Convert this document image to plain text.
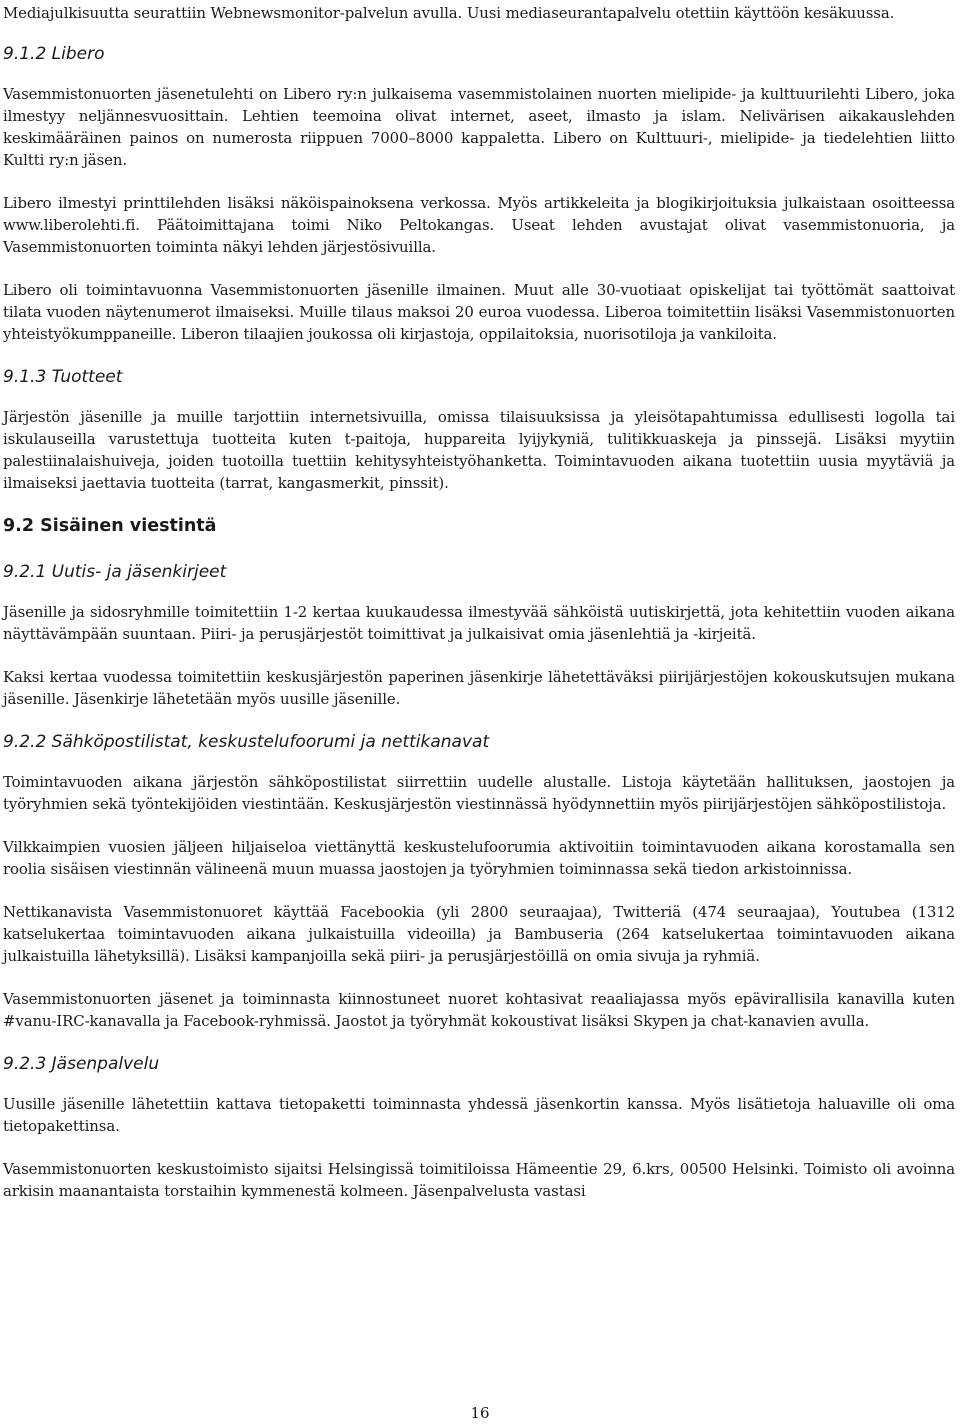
Mediajulkisuutta seurattiin Webnewsmonitor-palvelun avulla. Uusi mediaseurantapalvelu otettiin käyttöön kesäkuussa.

9.1.2 Libero

Vasemmistonuorten jäsenetulehti on Libero ry:n julkaisema vasemmistolainen nuorten mielipide- ja kulttuurilehti Libero, joka ilmestyy neljännesvuosittain. Lehtien teemoina olivat internet, aseet, ilmasto ja islam. Nelivärisen aikakauslehden keskimääräinen painos on numerosta riippuen 7000–8000 kappaletta. Libero on Kulttuuri-, mielipide- ja tiedelehtien liitto Kultti ry:n jäsen.

Libero ilmestyi printtilehden lisäksi näköispainoksena verkossa. Myös artikkeleita ja blogikirjoituksia julkaistaan osoitteessa www.liberolehti.fi. Päätoimittajana toimi Niko Peltokangas. Useat lehden avustajat olivat vasemmistonuoria, ja Vasemmistonuorten toiminta näkyi lehden järjestösivuilla.

Libero oli toimintavuonna Vasemmistonuorten jäsenille ilmainen. Muut alle 30-vuotiaat opiskelijat tai työttömät saattoivat tilata vuoden näytenumerot ilmaiseksi. Muille tilaus maksoi 20 euroa vuodessa. Liberoa toimitettiin lisäksi Vasemmistonuorten yhteistyökumppaneille. Liberon tilaajien joukossa oli kirjastoja, oppilaitoksia, nuorisotiloja ja vankiloita.

9.1.3 Tuotteet

Järjestön jäsenille ja muille tarjottiin internetsivuilla, omissa tilaisuuksissa ja yleisötapahtumissa edullisesti logolla tai iskulauseilla varustettuja tuotteita kuten t-paitoja, huppareita lyijykyniä, tulitikkuaskeja ja pinssejä. Lisäksi myytiin palestiinalaishuiveja, joiden tuotoilla tuettiin kehitysyhteistyöhanketta. Toimintavuoden aikana tuotettiin uusia myytäviä ja ilmaiseksi jaettavia tuotteita (tarrat, kangasmerkit, pinssit).

9.2 Sisäinen viestintä
9.2.1 Uutis- ja jäsenkirjeet

Jäsenille ja sidosryhmille toimitettiin 1-2 kertaa kuukaudessa ilmestyvää sähköistä uutiskirjettä, jota kehitettiin vuoden aikana näyttävämpään suuntaan. Piiri- ja perusjärjestöt toimittivat ja julkaisivat omia jäsenlehtiä ja -kirjeitä.

Kaksi kertaa vuodessa toimitettiin keskusjärjestön paperinen jäsenkirje lähetettäväksi piirijärjestöjen kokouskutsujen mukana jäsenille. Jäsenkirje lähetetään myös uusille jäsenille.

9.2.2 Sähköpostilistat, keskustelufoorumi ja nettikanavat

Toimintavuoden aikana järjestön sähköpostilistat siirrettiin uudelle alustalle. Listoja käytetään hallituksen, jaostojen ja työryhmien sekä työntekijöiden viestintään. Keskusjärjestön viestinnässä hyödynnettiin myös piirijärjestöjen sähköpostilistoja.

Vilkkaimpien vuosien jäljeen hiljaiseloa viettänyttä keskustelufoorumia aktivoitiin toimintavuoden aikana korostamalla sen roolia sisäisen viestinnän välineenä muun muassa jaostojen ja työryhmien toiminnassa sekä tiedon arkistoinnissa.

Nettikanavista Vasemmistonuoret käyttää Facebookia (yli 2800 seuraajaa), Twitteriä (474 seuraajaa), Youtubea (1312 katselukertaa toimintavuoden aikana julkaistuilla videoilla) ja Bambuseria (264 katselukertaa toimintavuoden aikana julkaistuilla lähetyksillä). Lisäksi kampanjoilla sekä piiri- ja perusjärjestöillä on omia sivuja ja ryhmiä.

Vasemmistonuorten jäsenet ja toiminnasta kiinnostuneet nuoret kohtasivat reaaliajassa myös epävirallisila kanavilla kuten #vanu-IRC-kanavalla ja Facebook-ryhmissä. Jaostot ja työryhmät kokoustivat lisäksi Skypen ja chat-kanavien avulla.

9.2.3 Jäsenpalvelu

Uusille jäsenille lähetettiin kattava tietopaketti toiminnasta yhdessä jäsenkortin kanssa. Myös lisätietoja haluaville oli oma tietopakettinsa.

Vasemmistonuorten keskustoimisto sijaitsi Helsingissä toimitiloissa Hämeentie 29, 6.krs, 00500 Helsinki. Toimisto oli avoinna arkisin maanantaista torstaihin kymmenestä kolmeen. Jäsenpalvelusta vastasi

16
